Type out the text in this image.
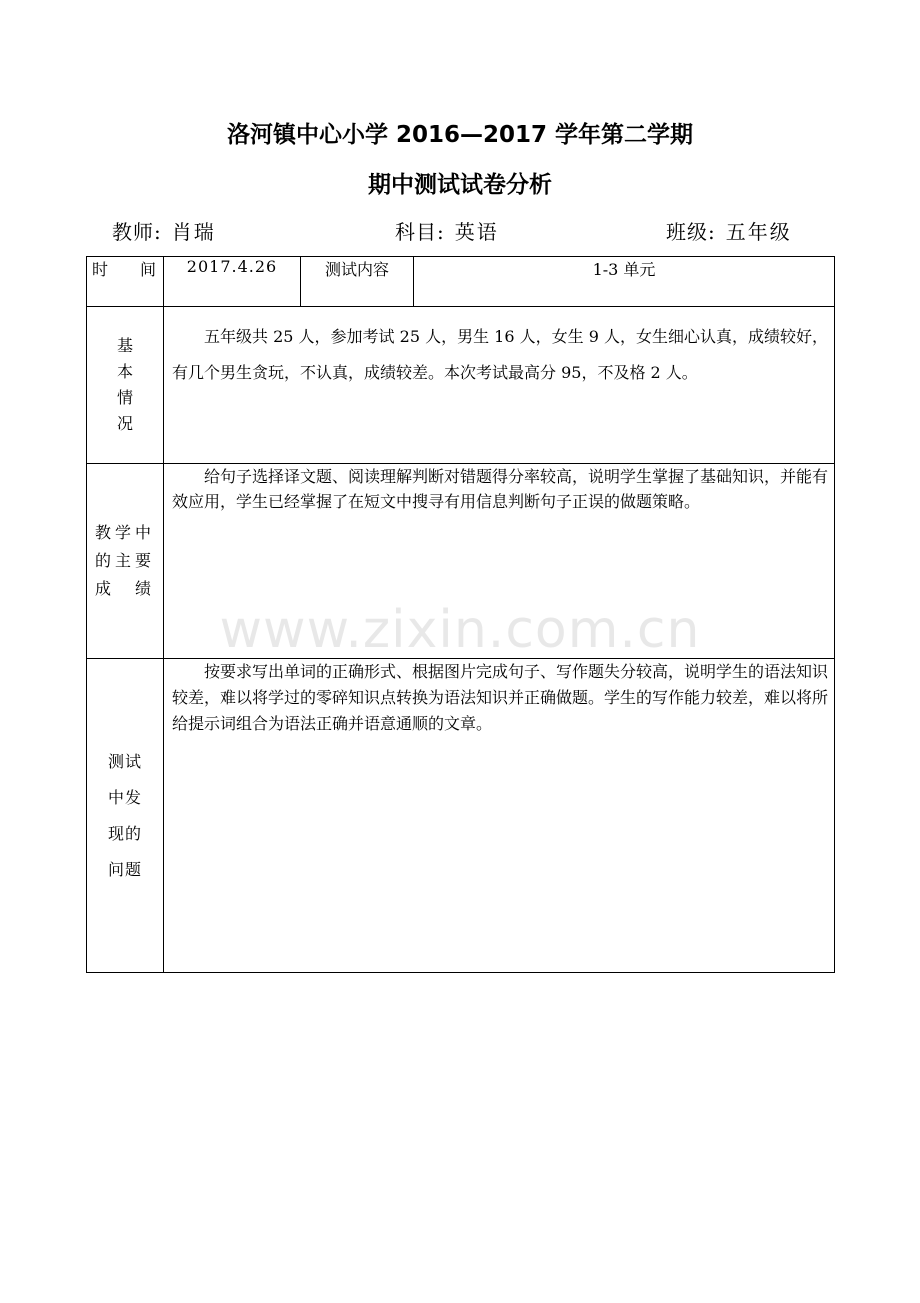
洛河镇中心小学 2016—2017 学年第二学期
期中测试试卷分析
教师: 肖瑞	科目: 英语	班级: 五年级
时 间	2017.4.26	测试内容	1-3 单元
基
本
情
况	五年级共 25 人，参加考试 25 人，男生 16 人，女生 9 人，女生细心认真，成绩较好，有几个男生贪玩，不认真，成绩较差。本次考试最高分 95，不及格 2 人。

教学中
的主要
成　绩	给句子选择译文题、阅读理解判断对错题得分率较高，说明学生掌握了基础知识，并能有效应用，学生已经掌握了在短文中搜寻有用信息判断句子正误的做题策略。

测试
中发
现的
问题	按要求写出单词的正确形式、根据图片完成句子、写作题失分较高，说明学生的语法知识较差，难以将学过的零碎知识点转换为语法知识并正确做题。学生的写作能力较差，难以将所给提示词组合为语法正确并语意通顺的文章。
www.zixin.com.cn
